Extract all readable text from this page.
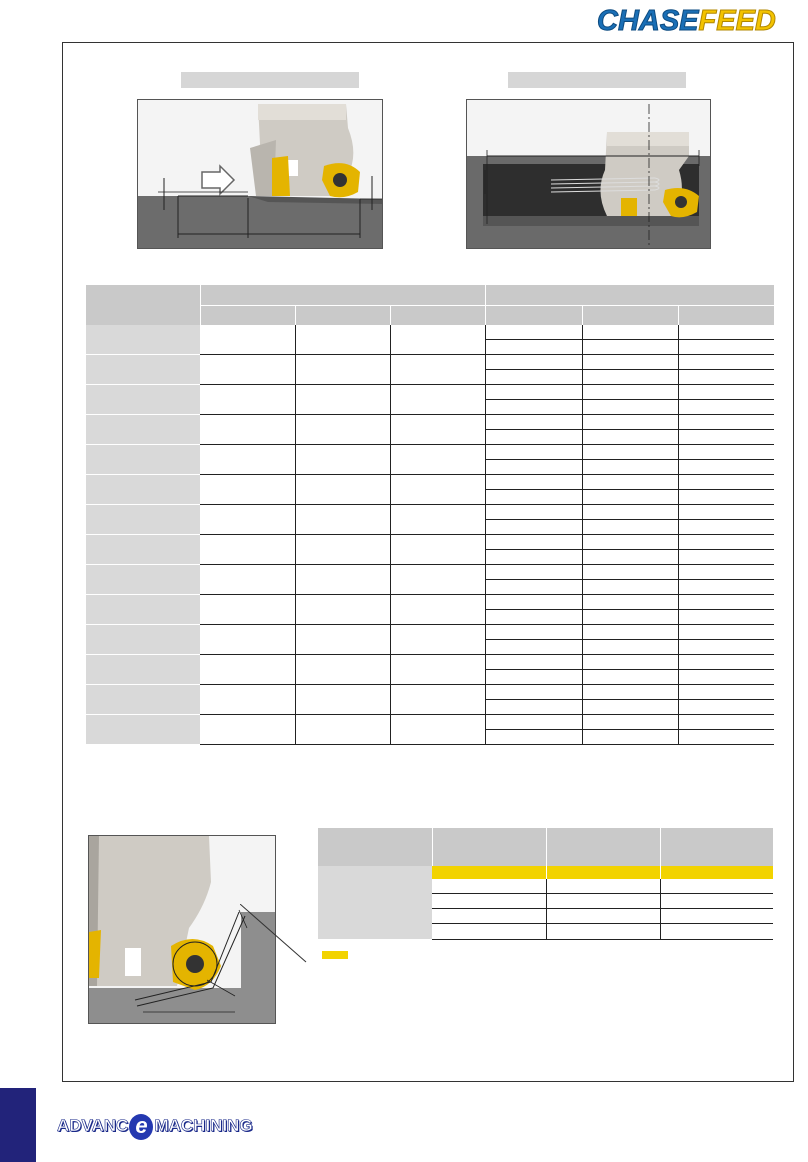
CHASEFEED

ADVANC e MACHINING
